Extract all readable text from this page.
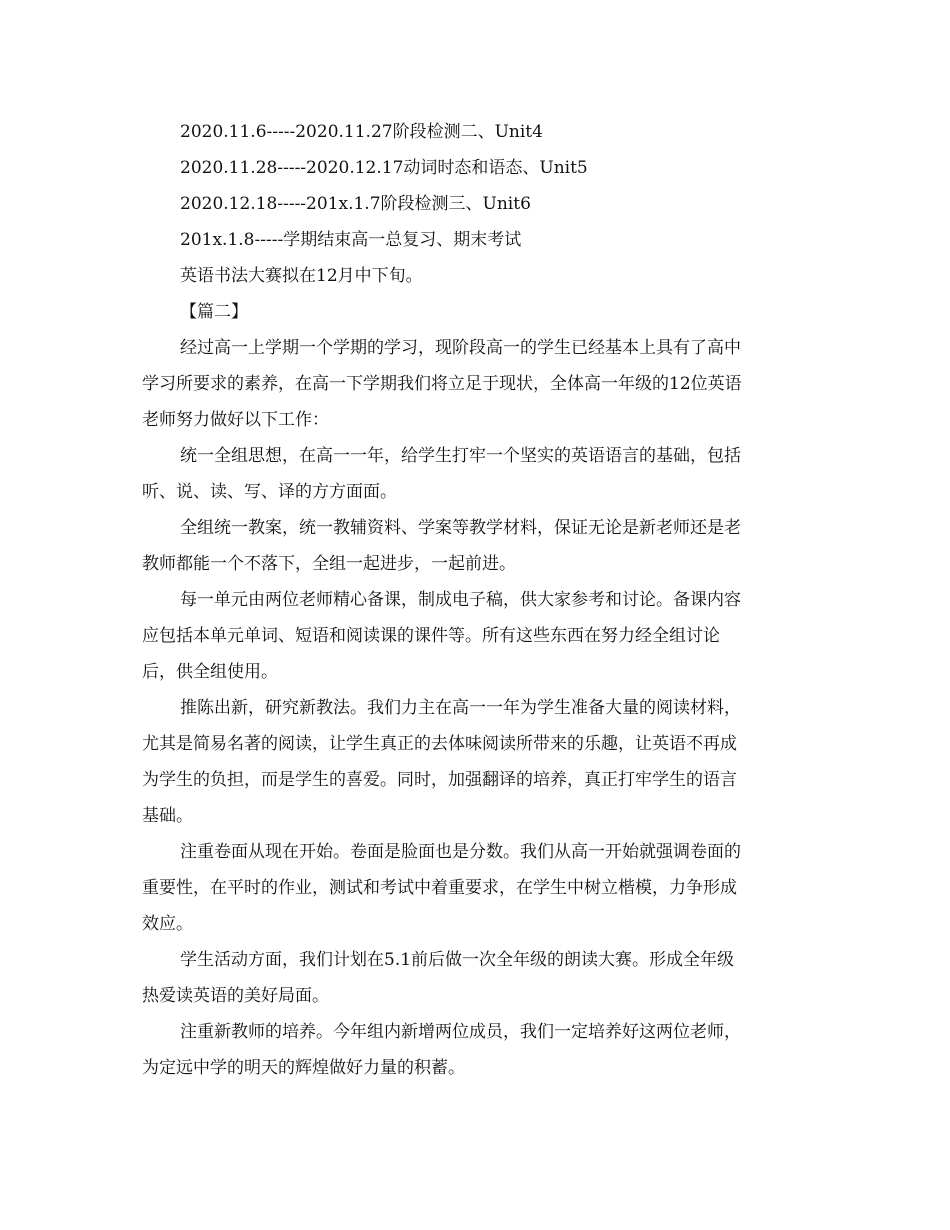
2020.11.6-----2020.11.27阶段检测二、Unit4
2020.11.28-----2020.12.17动词时态和语态、Unit5
2020.12.18-----201x.1.7阶段检测三、Unit6
201x.1.8-----学期结束高一总复习、期末考试
英语书法大赛拟在12月中下旬。
【篇二】
经过高一上学期一个学期的学习，现阶段高一的学生已经基本上具有了高中
学习所要求的素养，在高一下学期我们将立足于现状，全体高一年级的12位英语
老师努力做好以下工作：
统一全组思想，在高一一年，给学生打牢一个坚实的英语语言的基础，包括
听、说、读、写、译的方方面面。
全组统一教案，统一教辅资料、学案等教学材料，保证无论是新老师还是老
教师都能一个不落下，全组一起进步，一起前进。
每一单元由两位老师精心备课，制成电子稿，供大家参考和讨论。备课内容
应包括本单元单词、短语和阅读课的课件等。所有这些东西在努力经全组讨论
后，供全组使用。
推陈出新，研究新教法。我们力主在高一一年为学生准备大量的阅读材料，
尤其是简易名著的阅读，让学生真正的去体味阅读所带来的乐趣，让英语不再成
为学生的负担，而是学生的喜爱。同时，加强翻译的培养，真正打牢学生的语言
基础。
注重卷面从现在开始。卷面是脸面也是分数。我们从高一开始就强调卷面的
重要性，在平时的作业，测试和考试中着重要求，在学生中树立楷模，力争形成
效应。
学生活动方面，我们计划在5.1前后做一次全年级的朗读大赛。形成全年级
热爱读英语的美好局面。
注重新教师的培养。今年组内新增两位成员，我们一定培养好这两位老师，
为定远中学的明天的辉煌做好力量的积蓄。
